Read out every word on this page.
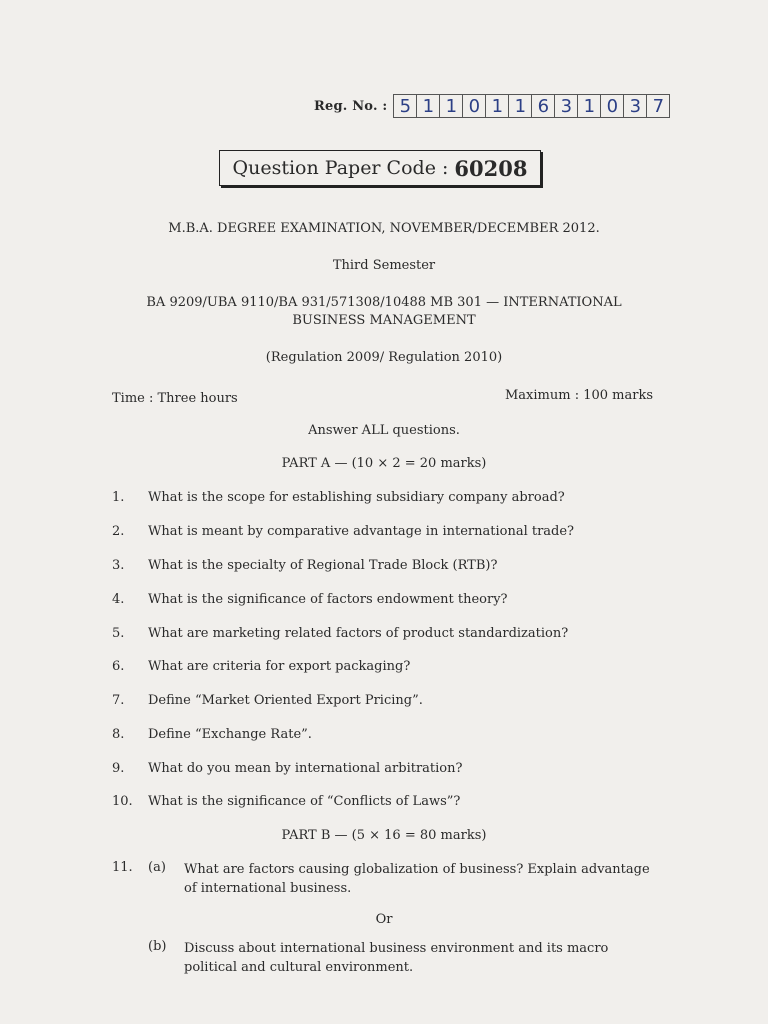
Reg. No. : 5 1 1 0 1 1 6 3 1 0 3 7
Question Paper Code : 60208
M.B.A. DEGREE EXAMINATION, NOVEMBER/DECEMBER 2012.
Third Semester
BA 9209/UBA 9110/BA 931/571308/10488 MB 301 — INTERNATIONAL
BUSINESS MANAGEMENT
(Regulation 2009/ Regulation 2010)
Time : Three hours	Maximum : 100 marks
Answer ALL questions.
PART A — (10 × 2 = 20 marks)
1.	What is the scope for establishing subsidiary company abroad?
2.	What is meant by comparative advantage in international trade?
3.	What is the specialty of Regional Trade Block (RTB)?
4.	What is the significance of factors endowment theory?
5.	What are marketing related factors of product standardization?
6.	What are criteria for export packaging?
7.	Define “Market Oriented Export Pricing”.
8.	Define “Exchange Rate”.
9.	What do you mean by international arbitration?
10.	What is the significance of “Conflicts of Laws”?
PART B — (5 × 16 = 80 marks)
11. (a) What are factors causing globalization of business? Explain advantage of international business.
Or
(b) Discuss about international business environment and its macro political and cultural environment.
